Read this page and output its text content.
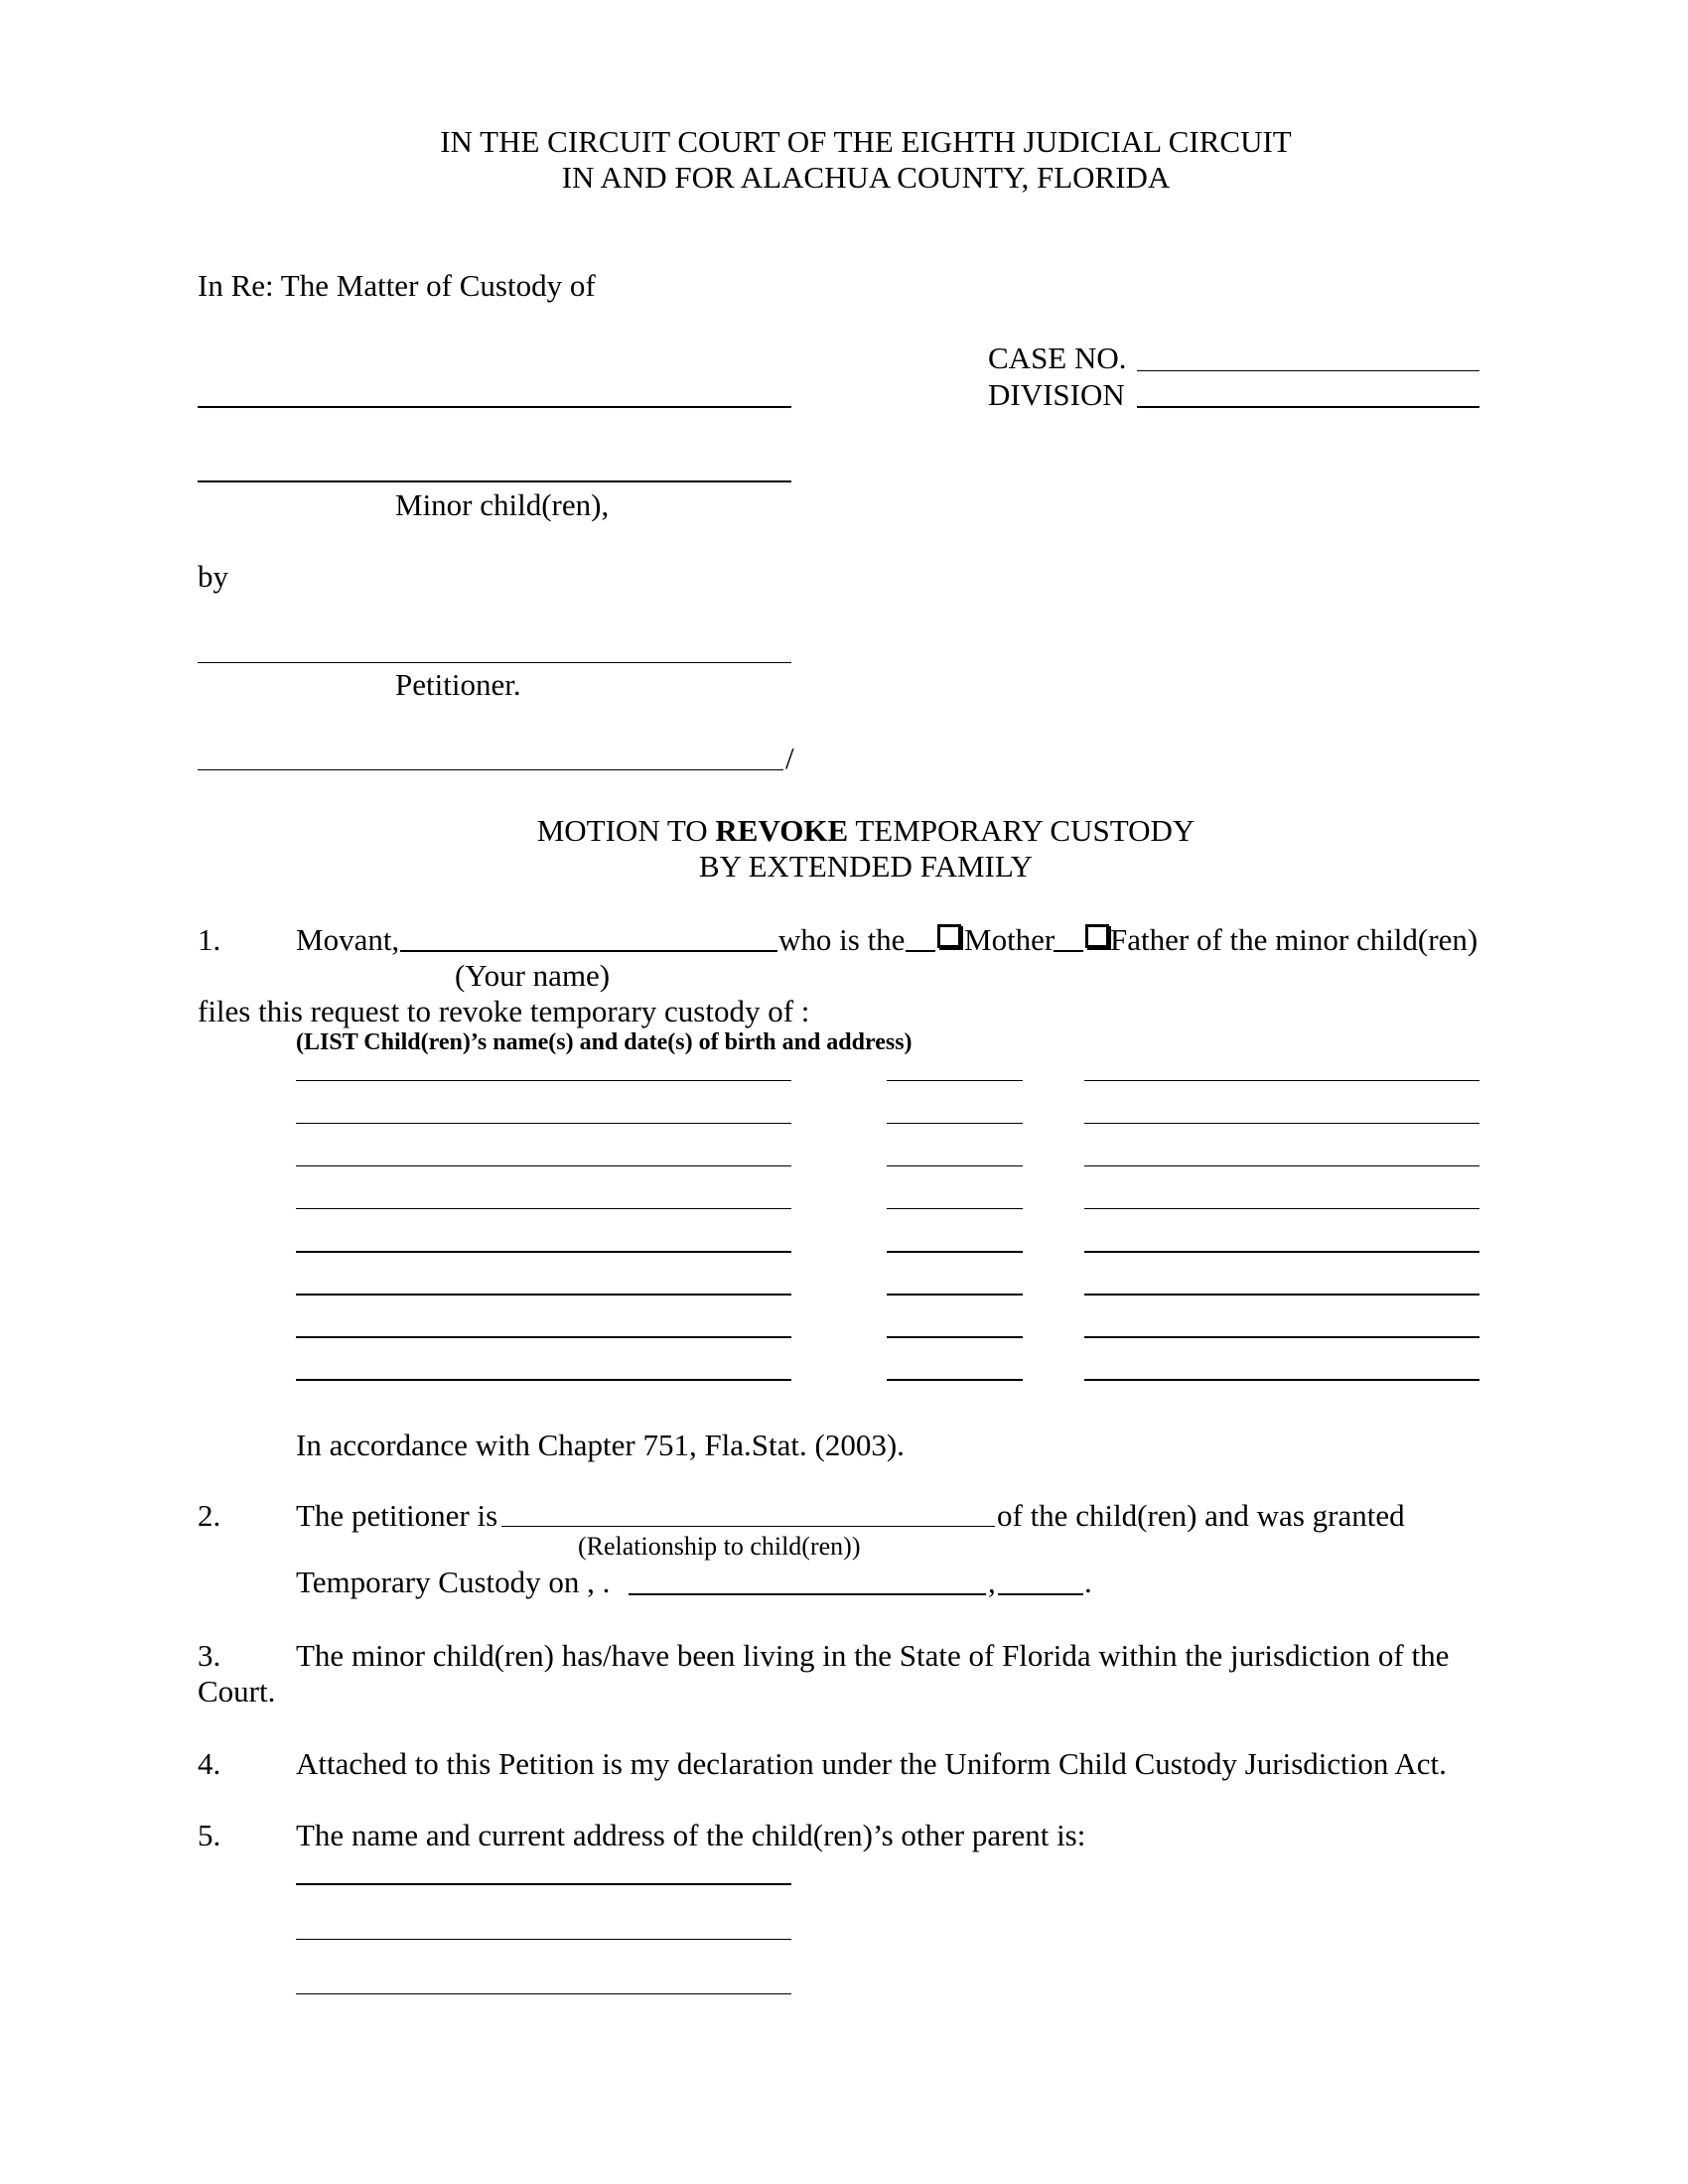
IN THE CIRCUIT COURT OF THE EIGHTH JUDICIAL CIRCUIT
IN AND FOR ALACHUA COUNTY, FLORIDA
In Re: The Matter of Custody of
CASE NO.
DIVISION
Minor child(ren),
by
Petitioner.
/
MOTION TO REVOKE TEMPORARY CUSTODY
BY EXTENDED FAMILY
1. Movant,	who is the Mother Father of the minor child(ren)
(Your name)
files this request to revoke temporary custody of :
(LIST Child(ren)’s name(s) and date(s) of birth and address)
In accordance with Chapter 751, Fla.Stat. (2003).
2. The petitioner is	of the child(ren) and was granted
(Relationship to child(ren))
Temporary Custody on , .	,	.
3. The minor child(ren) has/have been living in the State of Florida within the jurisdiction of the
Court.
4. Attached to this Petition is my declaration under the Uniform Child Custody Jurisdiction Act.
5. The name and current address of the child(ren)’s other parent is:
